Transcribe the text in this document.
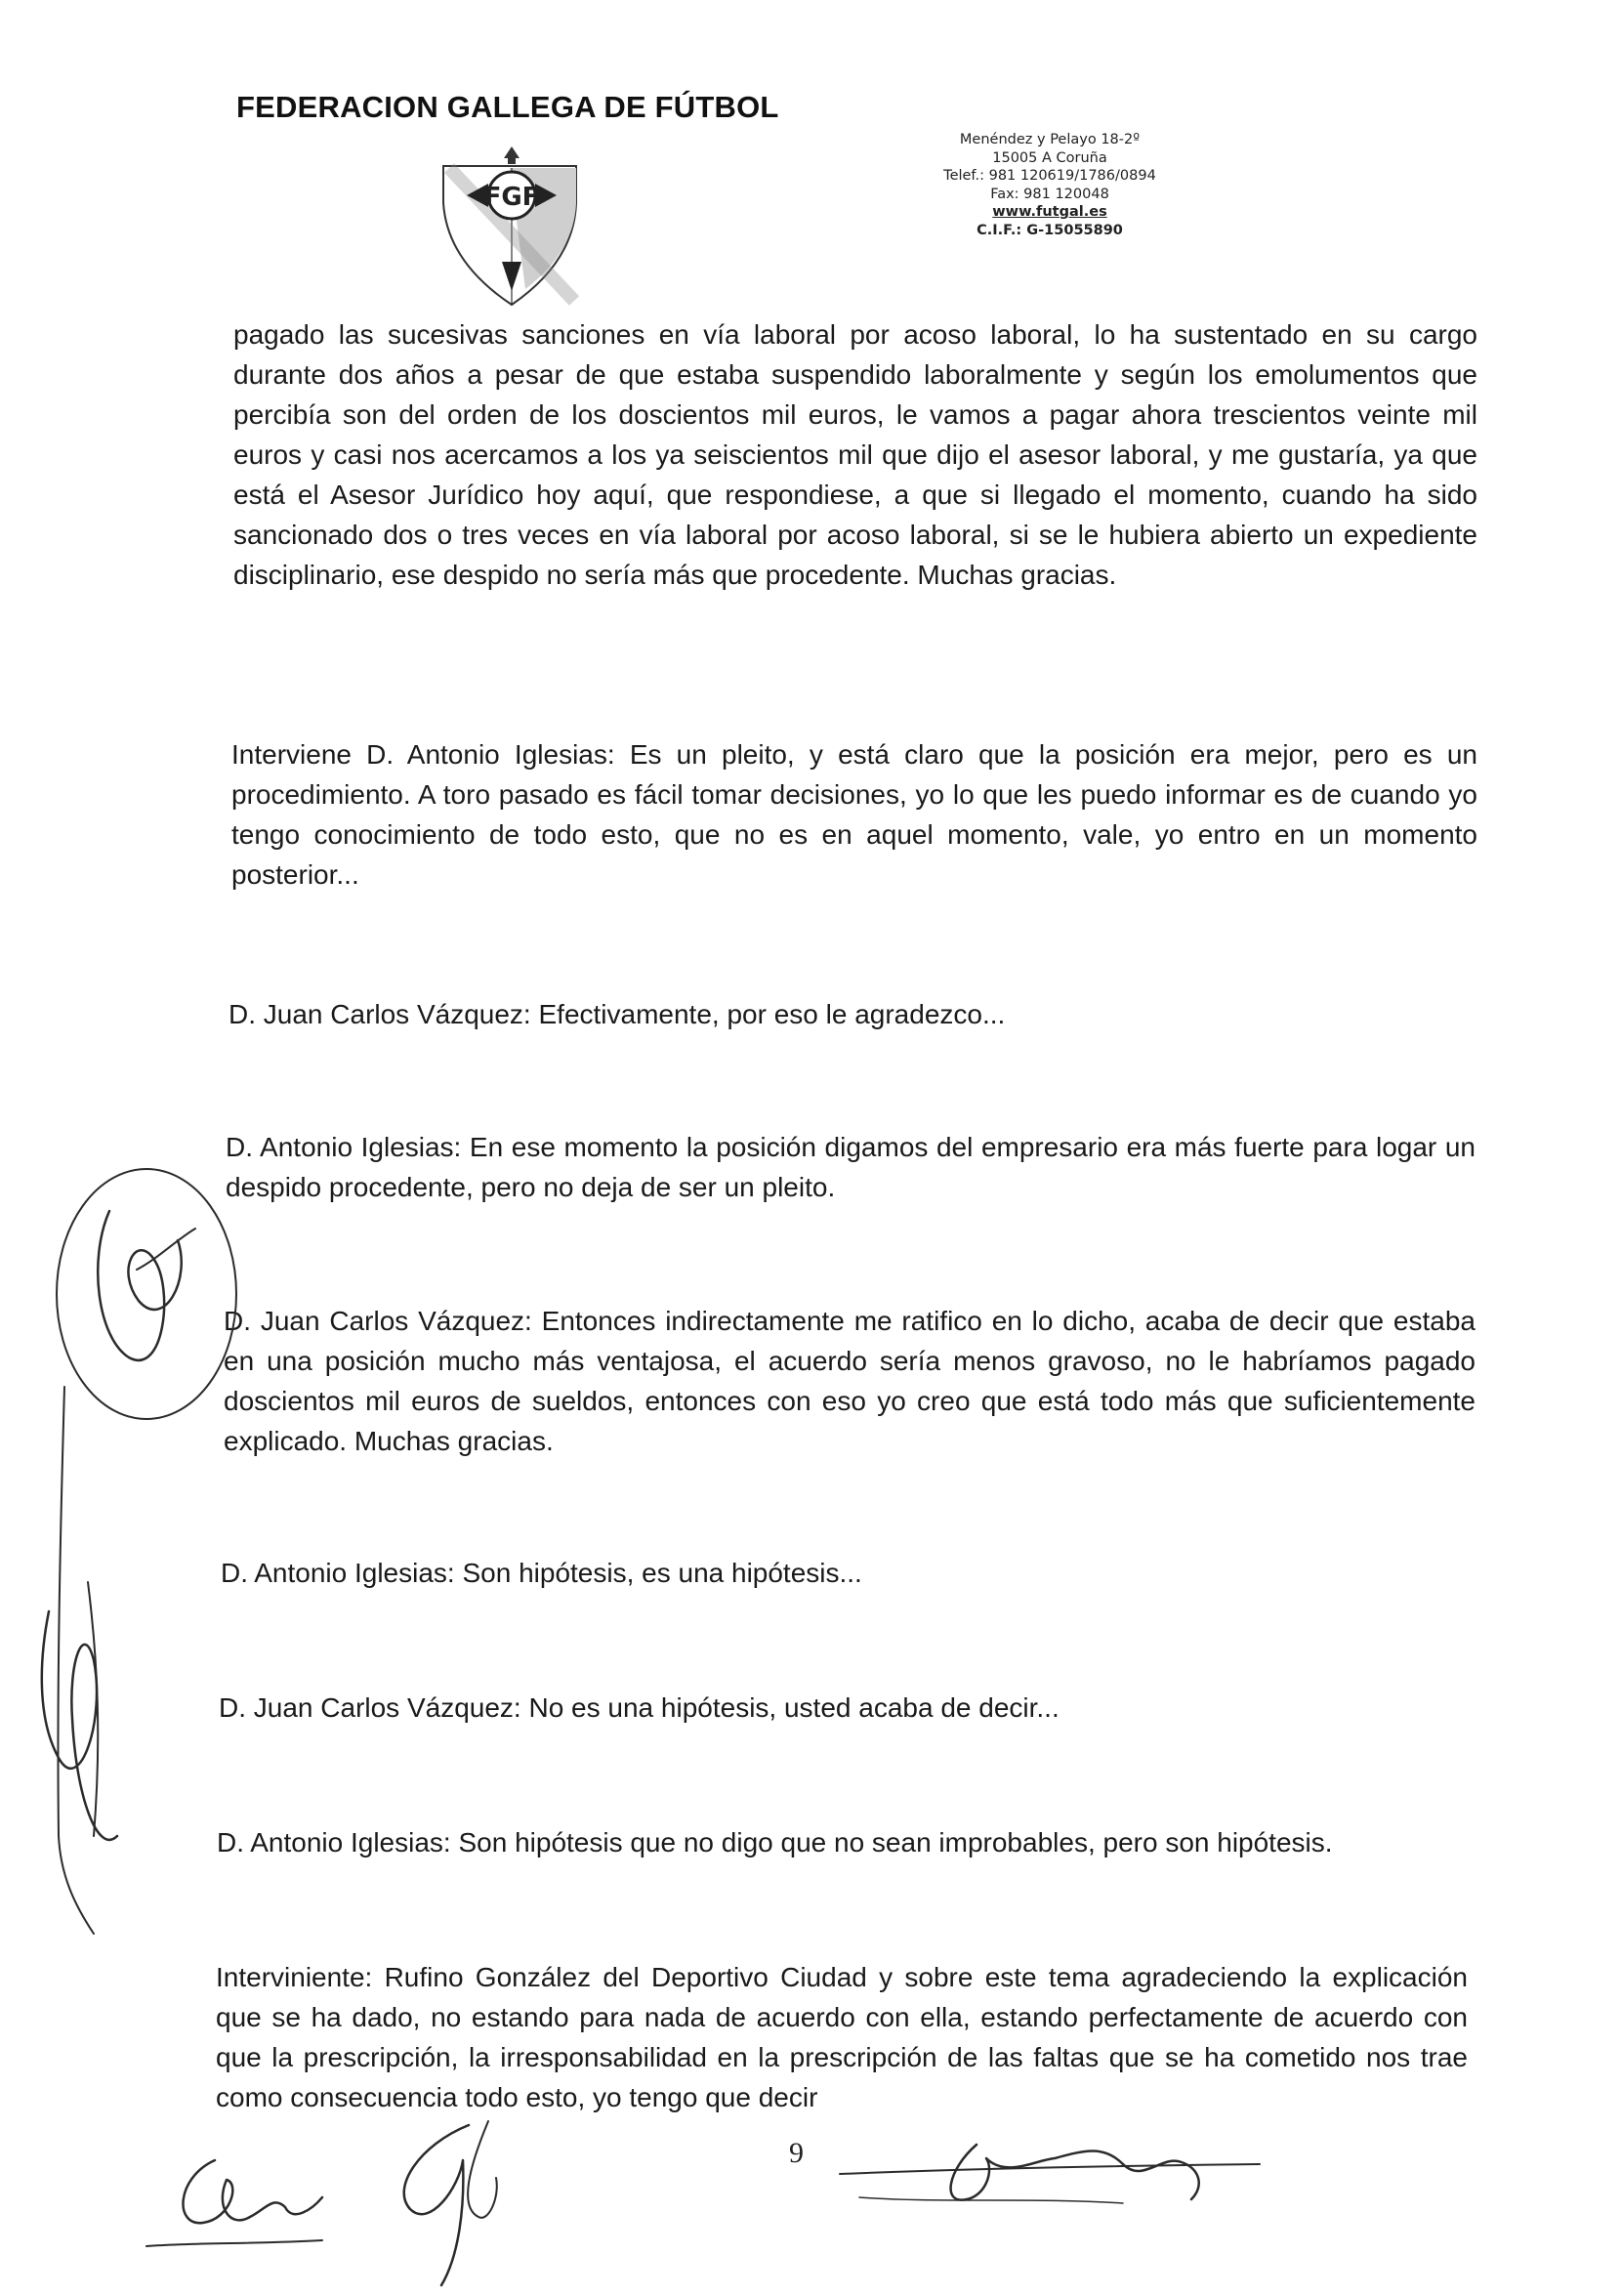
FEDERACION GALLEGA DE FÚTBOL
FGF
Menéndez y Pelayo 18-2º
15005 A Coruña
Telef.: 981 120619/1786/0894
Fax: 981 120048
www.futgal.es
C.I.F.: G-15055890

pagado las sucesivas sanciones en vía laboral por acoso laboral, lo ha sustentado en su cargo durante dos años a pesar de que estaba suspendido laboralmente y según los emolumentos que percibía son del orden de los doscientos mil euros, le vamos a pagar ahora trescientos veinte mil euros y casi nos acercamos a los ya seiscientos mil que dijo el asesor laboral, y me gustaría, ya que está el Asesor Jurídico hoy aquí, que respondiese, a que si llegado el momento, cuando ha sido sancionado dos o tres veces en vía laboral por acoso laboral, si se le hubiera abierto un expediente disciplinario, ese despido no sería más que procedente. Muchas gracias.

Interviene D. Antonio Iglesias: Es un pleito, y está claro que la posición era mejor, pero es un procedimiento. A toro pasado es fácil tomar decisiones, yo lo que les puedo informar es de cuando yo tengo conocimiento de todo esto, que no es en aquel momento, vale, yo entro en un momento posterior...

D. Juan Carlos Vázquez: Efectivamente, por eso le agradezco...

D. Antonio Iglesias: En ese momento la posición digamos del empresario era más fuerte para logar un despido procedente, pero no deja de ser un pleito.

D. Juan Carlos Vázquez: Entonces indirectamente me ratifico en lo dicho, acaba de decir que estaba en una posición mucho más ventajosa, el acuerdo sería menos gravoso, no le habríamos pagado doscientos mil euros de sueldos, entonces con eso yo creo que está todo más que suficientemente explicado. Muchas gracias.

D. Antonio Iglesias: Son hipótesis, es una hipótesis...

D. Juan Carlos Vázquez: No es una hipótesis, usted acaba de decir...

D. Antonio Iglesias: Son hipótesis que no digo que no sean improbables, pero son hipótesis.

Interviniente: Rufino González del Deportivo Ciudad y sobre este tema agradeciendo la explicación que se ha dado, no estando para nada de acuerdo con ella, estando perfectamente de acuerdo con que la prescripción, la irresponsabilidad en la prescripción de las faltas que se ha cometido nos trae como consecuencia todo esto, yo tengo que decir

9
